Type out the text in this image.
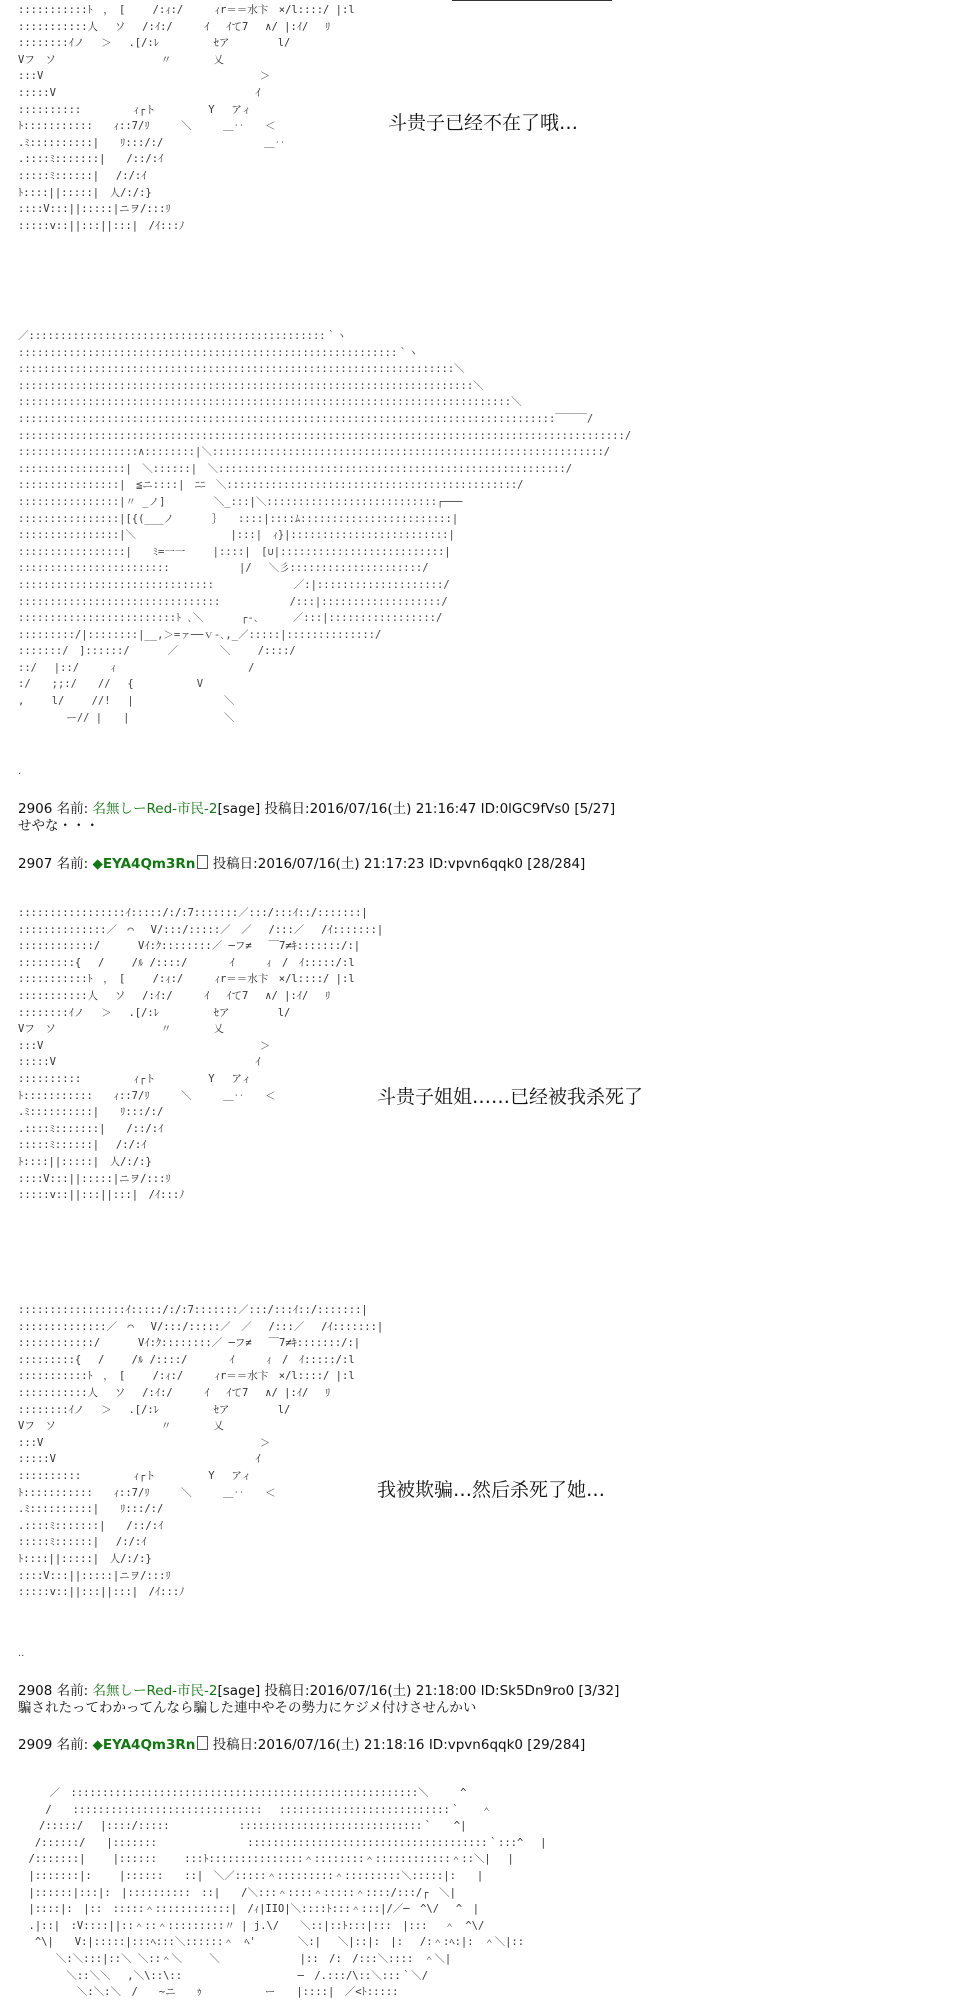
:::::::::::ﾄ　，　[　　 /:ｨ:/　　　ｨr＝＝水卞　×/l::::/ |:l
:::::::::::人　 ソ　 /:ｲ:/　　　ｲ　 ｲて7　 ∧/ |:ｲ/　 ﾘ
::::::::ｲノ　 ＞　 .[/:ﾚ　　　　  ｾア　　　　 l/
Vフ　ソ　　　　　　　　　　〃　　　　乂
:::V　　　　　　　　　　　　　　　　　　　　 ＞
:::::V　　　　　　　　　　　　　　　　　　　ｲ
::::::::::　　　　　ｨ┌ト　　　　　Y　 アィ
ﾄ:::::::::::　　ｨ::7/ﾘ　　　＼　　　＿‥　　＜
.ﾐ::::::::::|　　ﾘ:::/:/　　　　　　　　　 ＿‥
.::::ﾐ:::::::|　　/::/:ｲ
:::::ﾐ::::::|　 /:/:ｲ
ﾄ::::||:::::|　人/:/:}
::::V:::||:::::|ニヲ/:::ﾘ
:::::v::||:::||:::|　/ｲ:::ﾉ
斗贵子已经不在了哦…
／:::::::::::::::::::::::::::::::::::::::::::::::｀ヽ
::::::::::::::::::::::::::::::::::::::::::::::::::::::::::::｀ヽ
:::::::::::::::::::::::::::::::::::::::::::::::::::::::::::::::::::::＼
::::::::::::::::::::::::::::::::::::::::::::::::::::::::::::::::::::::::＼
::::::::::::::::::::::::::::::::::::::::::::::::::::::::::::::::::::::::::::::＼
:::::::::::::::::::::::::::::::::::::::::::::::::::::::::::::::::::::::::::::::::::::￣￣￣/
::::::::::::::::::::::::::::::::::::::::::::::::::::::::::::::::::::::::::::::::::::::::::::::::/
:::::::::::::::::::∧::::::::|＼::::::::::::::::::::::::::::::::::::::::::::::::::::::::::::::/
:::::::::::::::::|　＼::::::|　＼:::::::::::::::::::::::::::::::::::::::::::::::::::::::/
::::::::::::::::|　≦ニ::::|　ﾆﾆ　＼::::::::::::::::::::::::::::::::::::::::::::::/
::::::::::::::::|〃 _ノ]　　　　 ＼_:::|＼:::::::::::::::::::::::::::┌───
::::::::::::::::|[{(___ノ　　　 ｝　　::::|::::ﾑ::::::::::::::::::::::::|
::::::::::::::::|＼　　　　　　　　　|:::|　ｨ}|:::::::::::::::::::::::::|
:::::::::::::::::|　　ﾐ=一一　　 |::::|　[∪|::::::::::::::::::::::::::|
::::::::::::::::::::::::　　　　　　 |/　 ＼彡:::::::::::::::::::::/
:::::::::::::::::::::::::::::::　　　　　　　 ／:|::::::::::::::::::::/
::::::::::::::::::::::::::::::::　　　　　　 /:::|:::::::::::::::::::/
:::::::::::::::::::::::::ﾄ ､＼　　　 ┌‐､　 　 ／:::|:::::::::::::::::/
:::::::::/|::::::::|__,＞=ァ──ｖ‐､,_／:::::|::::::::::::::/
:::::::/　]::::::/　　　 ／　　　　＼　　 /::::/
::/　 |::/　　　ｨ　　　　　　　　　　　　 /
:/　　;;:/　　//　 {　　　　　　V
,　　 l/　　 //!　 |　　　　　　　　 ＼
　　　　 ー// |　　|　　　　　　　　　＼
.
2906 名前: 名無しーRed-市民-2[sage] 投稿日:2016/07/16(土) 21:16:47 ID:0lGC9fVs0 [5/27]
せやな・・・
2907 名前: ◆EYA4Qm3Rn 投稿日:2016/07/16(土) 21:17:23 ID:vpvn6qqk0 [28/284]
:::::::::::::::::ｲ:::::/:/:7:::::::／:::/:::ｲ::/:::::::|
::::::::::::::／　⌒　 V/:::/:::::／　／　 /:::／　 /ｲ:::::::|
::::::::::::/　　　 Vｲ:ｸ::::::::／ ─フ≠　 ￣7≠ｷ:::::::/:|
:::::::::{　 /　　 /ﾙ /::::/　　　　ｲ　　　ｨ　/　ｲ:::::/:l
:::::::::::ﾄ　，　[　　 /:ｨ:/　　　ｨr＝＝水卞　×/l::::/ |:l
:::::::::::人　 ソ　 /:ｲ:/　　　ｲ　 ｲて7　 ∧/ |:ｲ/　 ﾘ
::::::::ｲノ　 ＞　 .[/:ﾚ　　　　  ｾア　　　　 l/
Vフ　ソ　　　　　　　　　　〃　　　　乂
:::V　　　　　　　　　　　　　　　　　　　　 ＞
:::::V　　　　　　　　　　　　　　　　　　　ｲ
::::::::::　　　　　ｨ┌ト　　　　　Y　 アィ
ﾄ:::::::::::　　ｨ::7/ﾘ　　　＼　　　＿‥　　＜
.ﾐ::::::::::|　　ﾘ:::/:/
.::::ﾐ:::::::|　　/::/:ｲ
:::::ﾐ::::::|　 /:/:ｲ
ﾄ::::||:::::|　人/:/:}
::::V:::||:::::|ニヲ/:::ﾘ
:::::v::||:::||:::|　/ｲ:::ﾉ
斗贵子姐姐……已经被我杀死了
:::::::::::::::::ｲ:::::/:/:7:::::::／:::/:::ｲ::/:::::::|
::::::::::::::／　⌒　 V/:::/:::::／　／　 /:::／　 /ｲ:::::::|
::::::::::::/　　　 Vｲ:ｸ::::::::／ ─フ≠　 ￣7≠ｷ:::::::/:|
:::::::::{　 /　　 /ﾙ /::::/　　　　ｲ　　　ｨ　/　ｲ:::::/:l
:::::::::::ﾄ　，　[　　 /:ｨ:/　　　ｨr＝＝水卞　×/l::::/ |:l
:::::::::::人　 ソ　 /:ｲ:/　　　ｲ　 ｲて7　 ∧/ |:ｲ/　 ﾘ
::::::::ｲノ　 ＞　 .[/:ﾚ　　　　  ｾア　　　　 l/
Vフ　ソ　　　　　　　　　　〃　　　　乂
:::V　　　　　　　　　　　　　　　　　　　　 ＞
:::::V　　　　　　　　　　　　　　　　　　　ｲ
::::::::::　　　　　ｨ┌ト　　　　　Y　 アィ
ﾄ:::::::::::　　ｨ::7/ﾘ　　　＼　　　＿‥　　＜
.ﾐ::::::::::|　　ﾘ:::/:/
.::::ﾐ:::::::|　　/::/:ｲ
:::::ﾐ::::::|　 /:/:ｲ
ﾄ::::||:::::|　人/:/:}
::::V:::||:::::|ニヲ/:::ﾘ
:::::v::||:::||:::|　/ｲ:::ﾉ
我被欺骗…然后杀死了她…
..
2908 名前: 名無しーRed-市民-2[sage] 投稿日:2016/07/16(土) 21:18:00 ID:Sk5Dn9ro0 [3/32]
騙されたってわかってんなら騙した連中やその勢力にケジメ付けさせんかい
2909 名前: ◆EYA4Qm3Rn 投稿日:2016/07/16(土) 21:18:16 ID:vpvn6qqk0 [29/284]
　　　／　:::::::::::::::::::::::::::::::::::::::::::::::::::::::＼　　　^
　　 /　　::::::::::::::::::::::::::::::　 :::::::::::::::::::::::::::｀　　＾
　　/:::::/　 |::::/:::::　　　　　　 :::::::::::::::::::::::::::::｀　　^|
　 /::::::/　　|:::::::　　　　　　　　 ::::::::::::::::::::::::::::::::::::::｀:::^　 |
　/:::::::|　　 |::::::　　 :::ﾄ:::::::::::::::＾::::::::＾::::::::::::＾::＼|　 |
　|:::::::|:　　 |::::::　　::|　＼／:::::＾:::::::::＾:::::::::＼:::::|:　　|
　|::::::|:::|:　|::::::::::　::|　　/＼:::＾::::＾:::::＾::::/:::/┌　＼|
　|::::|:　|::　:::::＾::::::::::::|　/ｨ|IIO|＼::::ﾄ:::＾:::|/／─　^\/　 ^　|
　.|::|　:V::::||::＾::＾:::::::::〃 | j.\/　　＼::|::ﾄ:::|:::　|:::　 ＾　^\/
　 ^\|　　V:|:::::|:::ﾍ:::＼::::::＾　ﾍ'　　　　＼:|　 ＼|::|:　|:　 /:＾:ﾍ:|:　＾＼|::
　　　 ＼:＼:::|::＼ ＼::＾＼　　 ＼　　　　　 　　|::　/:　/:::＼::::　＾＼|
　　　　 ＼::＼＼　 ,＼\::\::　　　　　　　　　　　─　/.:::/\::＼:::｀＼/
　　　　　 ＼:＼:＼　/　　~ニ　　ｩ　　　　　　ー　　|::::|　／<ﾄ:::::
